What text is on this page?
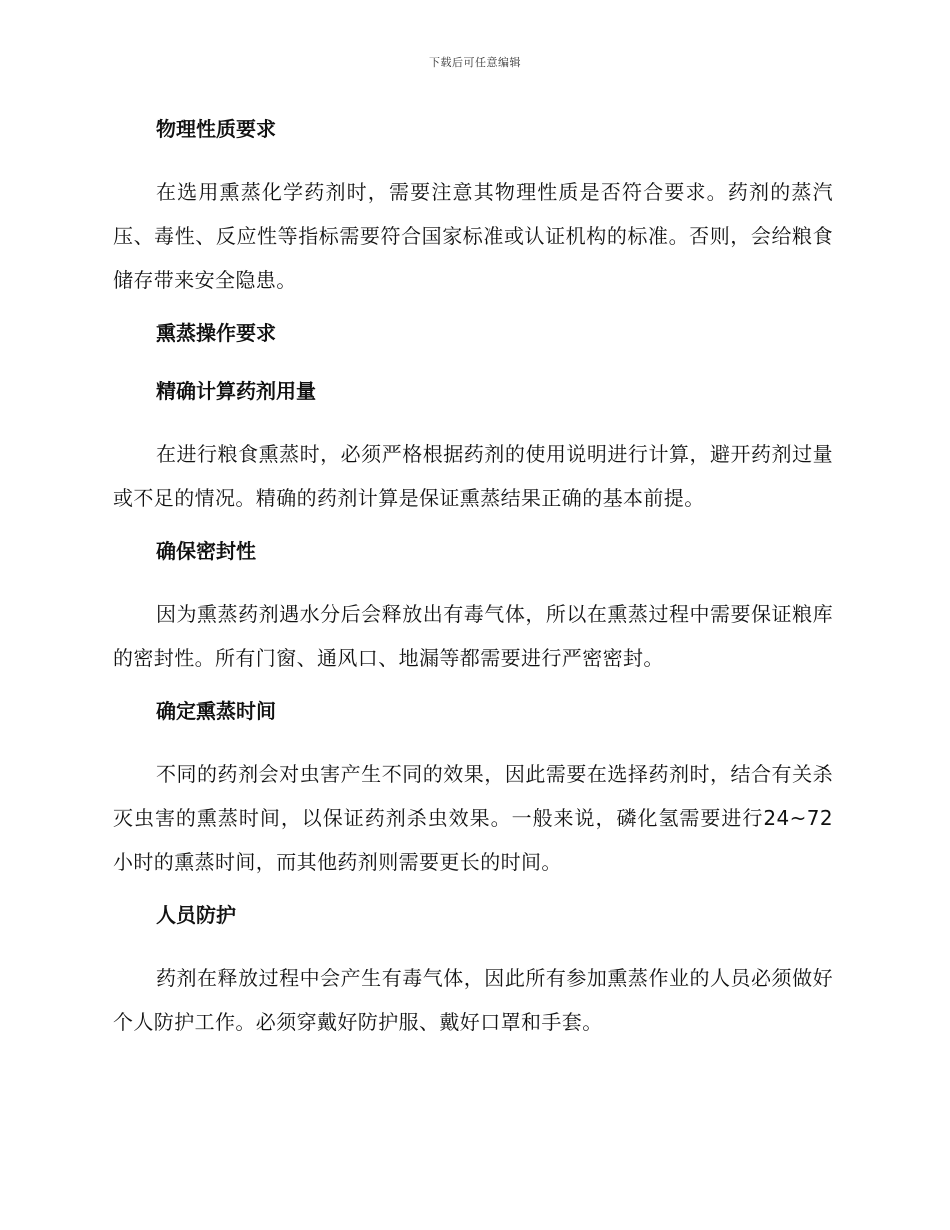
下载后可任意编辑
物理性质要求

在选用熏蒸化学药剂时，需要注意其物理性质是否符合要求。药剂的蒸汽压、毒性、反应性等指标需要符合国家标准或认证机构的标准。否则，会给粮食储存带来安全隐患。

熏蒸操作要求
精确计算药剂用量

在进行粮食熏蒸时，必须严格根据药剂的使用说明进行计算，避开药剂过量或不足的情况。精确的药剂计算是保证熏蒸结果正确的基本前提。

确保密封性

因为熏蒸药剂遇水分后会释放出有毒气体，所以在熏蒸过程中需要保证粮库的密封性。所有门窗、通风口、地漏等都需要进行严密密封。

确定熏蒸时间

不同的药剂会对虫害产生不同的效果，因此需要在选择药剂时，结合有关杀灭虫害的熏蒸时间，以保证药剂杀虫效果。一般来说，磷化氢需要进行24~72 小时的熏蒸时间，而其他药剂则需要更长的时间。

人员防护

药剂在释放过程中会产生有毒气体，因此所有参加熏蒸作业的人员必须做好个人防护工作。必须穿戴好防护服、戴好口罩和手套。
